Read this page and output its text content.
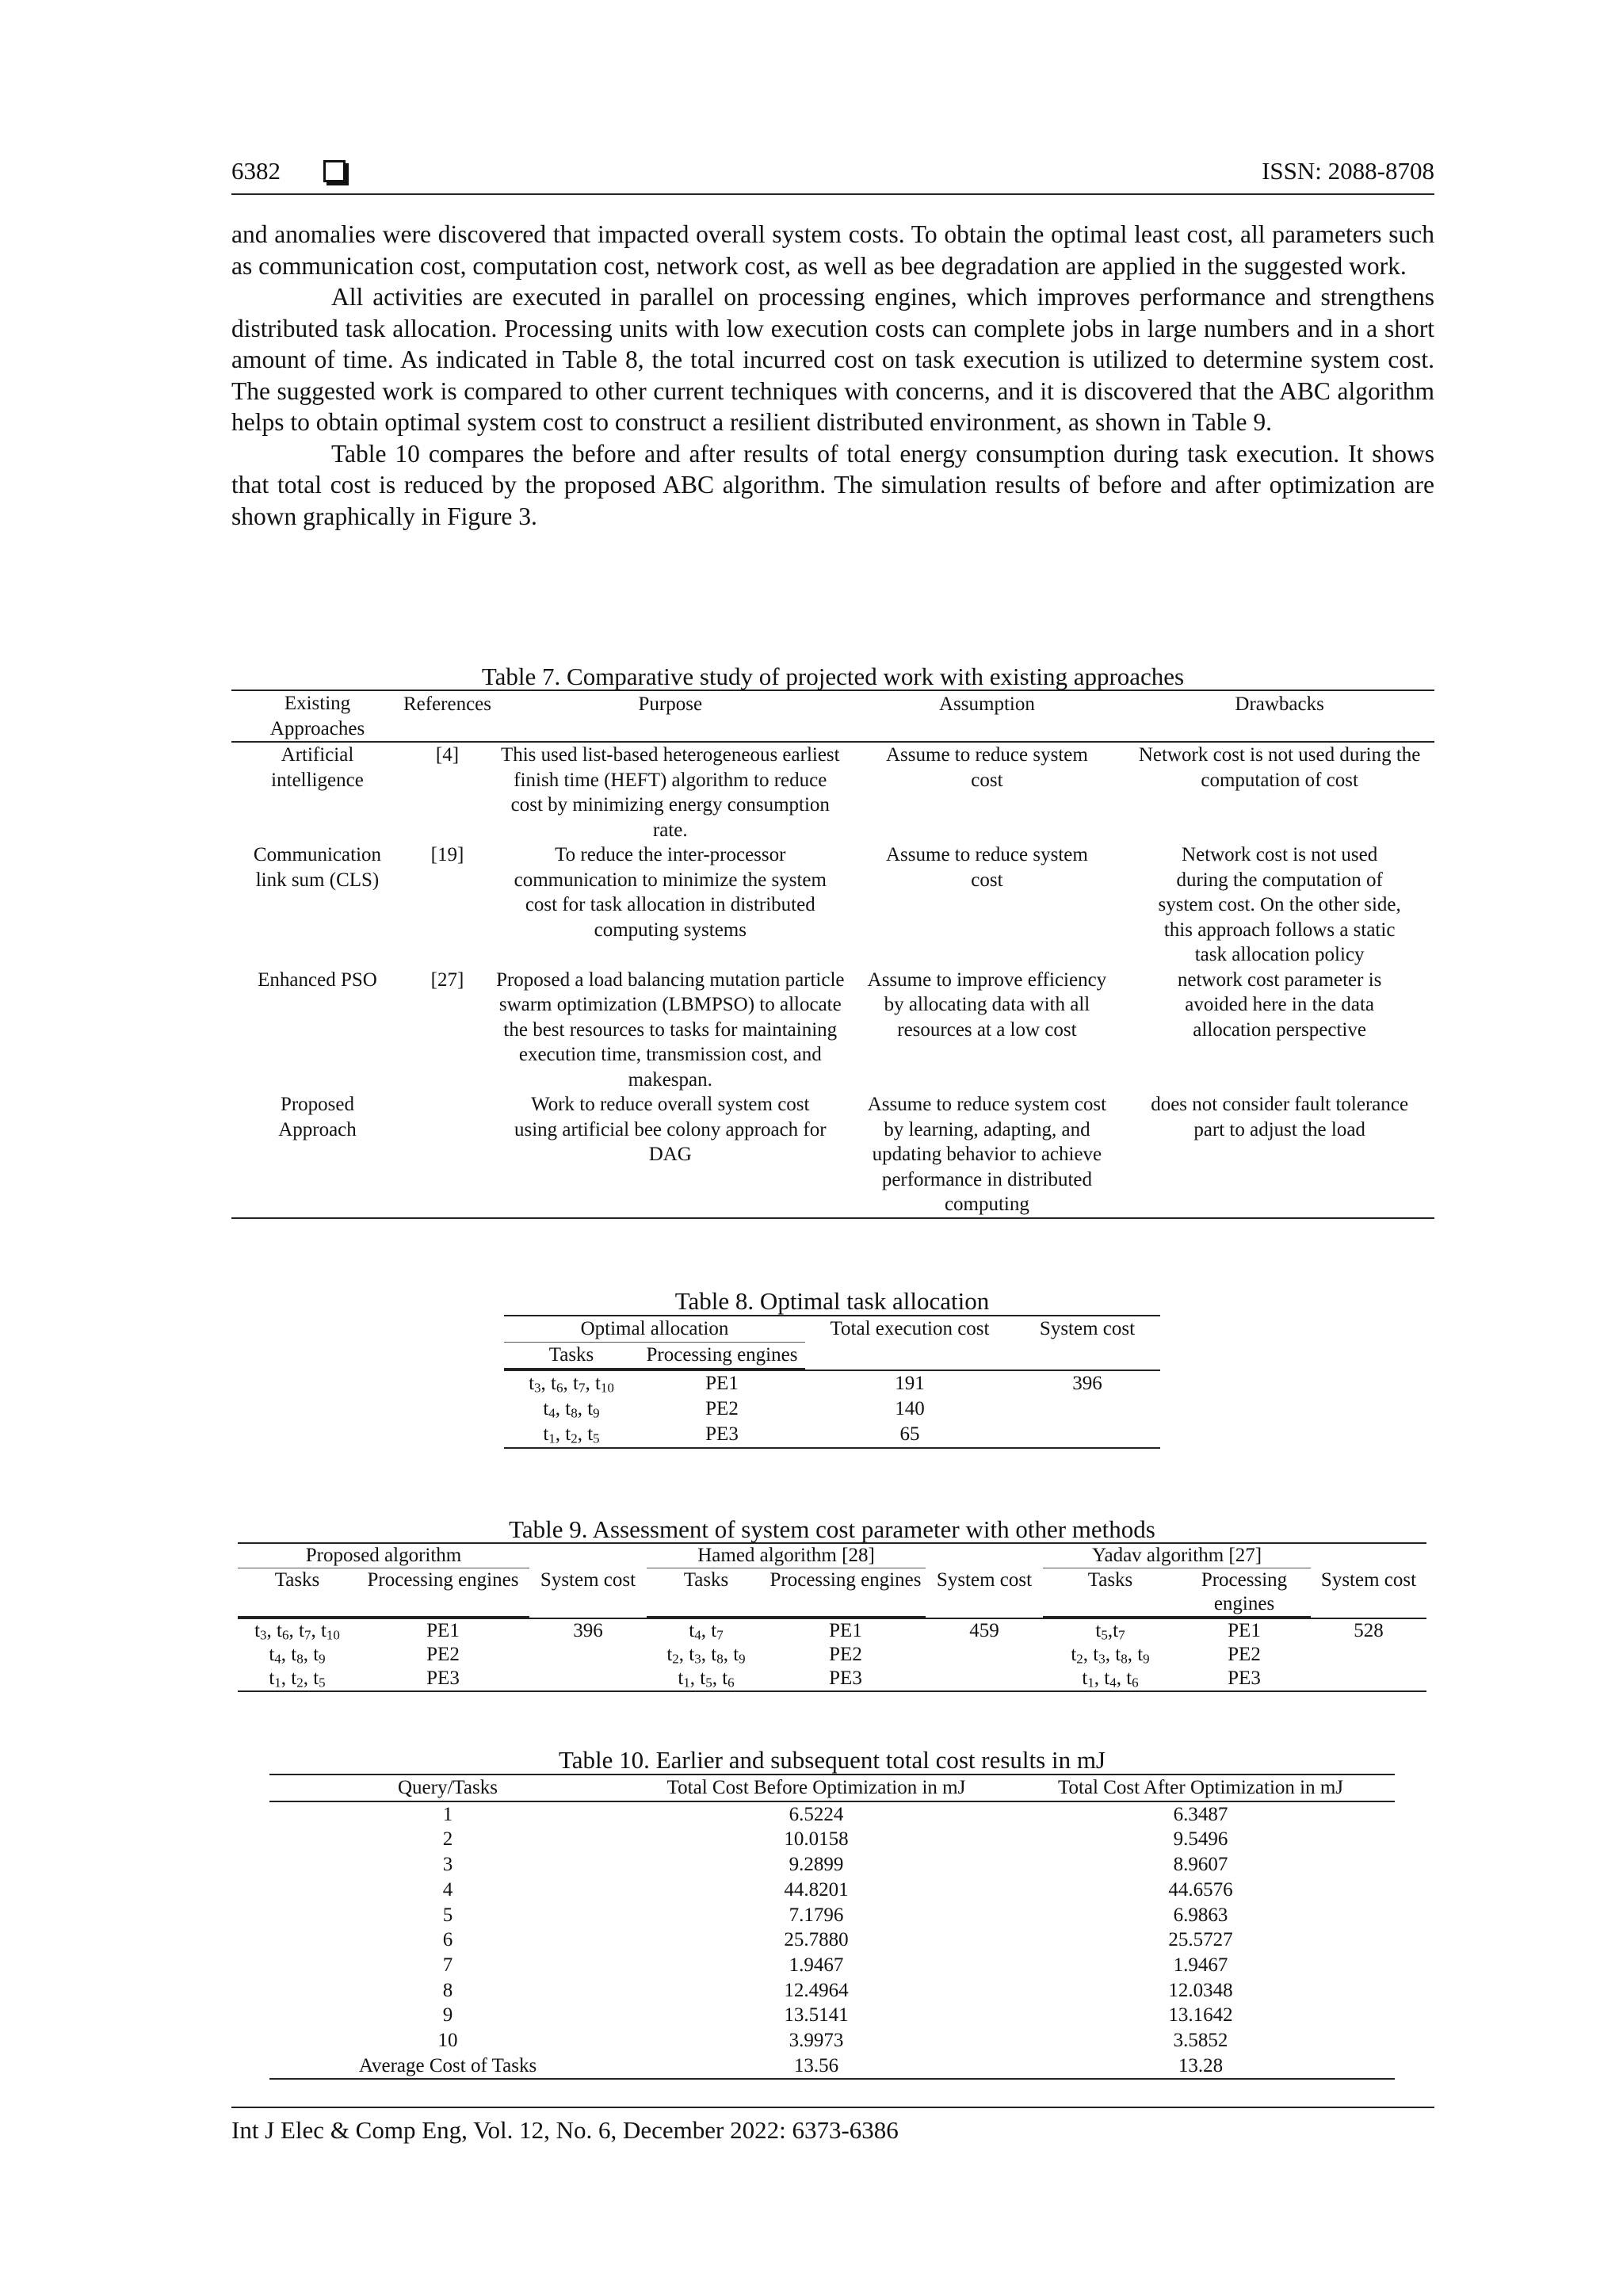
6382	ISSN: 2088-8708

and anomalies were discovered that impacted overall system costs. To obtain the optimal least cost, all parameters such as communication cost, computation cost, network cost, as well as bee degradation are applied in the suggested work.

All activities are executed in parallel on processing engines, which improves performance and strengthens distributed task allocation. Processing units with low execution costs can complete jobs in large numbers and in a short amount of time. As indicated in Table 8, the total incurred cost on task execution is utilized to determine system cost. The suggested work is compared to other current techniques with concerns, and it is discovered that the ABC algorithm helps to obtain optimal system cost to construct a resilient distributed environment, as shown in Table 9.

Table 10 compares the before and after results of total energy consumption during task execution. It shows that total cost is reduced by the proposed ABC algorithm. The simulation results of before and after optimization are shown graphically in Figure 3.

Table 7. Comparative study of projected work with existing approaches
Existing Approaches	References	Purpose	Assumption	Drawbacks
Artificial intelligence	[4]	This used list-based heterogeneous earliest finish time (HEFT) algorithm to reduce cost by minimizing energy consumption rate.	Assume to reduce system cost	Network cost is not used during the computation of cost
Communication link sum (CLS)	[19]	To reduce the inter-processor communication to minimize the system cost for task allocation in distributed computing systems	Assume to reduce system cost	Network cost is not used during the computation of system cost. On the other side, this approach follows a static task allocation policy
Enhanced PSO	[27]	Proposed a load balancing mutation particle swarm optimization (LBMPSO) to allocate the best resources to tasks for maintaining execution time, transmission cost, and makespan.	Assume to improve efficiency by allocating data with all resources at a low cost	network cost parameter is avoided here in the data allocation perspective
Proposed Approach		Work to reduce overall system cost using artificial bee colony approach for DAG	Assume to reduce system cost by learning, adapting, and updating behavior to achieve performance in distributed computing	does not consider fault tolerance part to adjust the load
Table 8. Optimal task allocation
Optimal allocation		Total execution cost	System cost
Tasks	Processing engines		

$t_3$, $t_6$, $t_7$, $t_{10}$	PE1	191	396
$t_4$, $t_8$, $t_9$	PE2	140	
$t_1$, $t_2$, $t_5$	PE3	65	
Table 9. Assessment of system cost parameter with other methods
Proposed algorithm		System cost	Hamed algorithm [28]		System cost	Yadav algorithm [27]		System cost
Tasks	Processing engines		Tasks	Processing engines		Tasks	Processing engines	

$t_3$, $t_6$, $t_7$, $t_{10}$	PE1	396	$t_4$, $t_7$	PE1	459	$t_5,t_7$	PE1	528
$t_4$, $t_8$, $t_9$	PE2		$t_2$, $t_3$, $t_8$, $t_9$	PE2		$t_2$, $t_3$, $t_8$, $t_9$	PE2	
$t_1$, $t_2$, $t_5$	PE3		$t_1$, $t_5$, $t_6$	PE3		$t_1$, $t_4$, $t_6$	PE3	
Table 10. Earlier and subsequent total cost results in mJ
Query/Tasks	Total Cost Before Optimization in mJ	Total Cost After Optimization in mJ
1	6.5224	6.3487
2	10.0158	9.5496
3	9.2899	8.9607
4	44.8201	44.6576
5	7.1796	6.9863
6	25.7880	25.5727
7	1.9467	1.9467
8	12.4964	12.0348
9	13.5141	13.1642
10	3.9973	3.5852
Average Cost of Tasks	13.56	13.28
Int J Elec & Comp Eng, Vol. 12, No. 6, December 2022: 6373-6386
